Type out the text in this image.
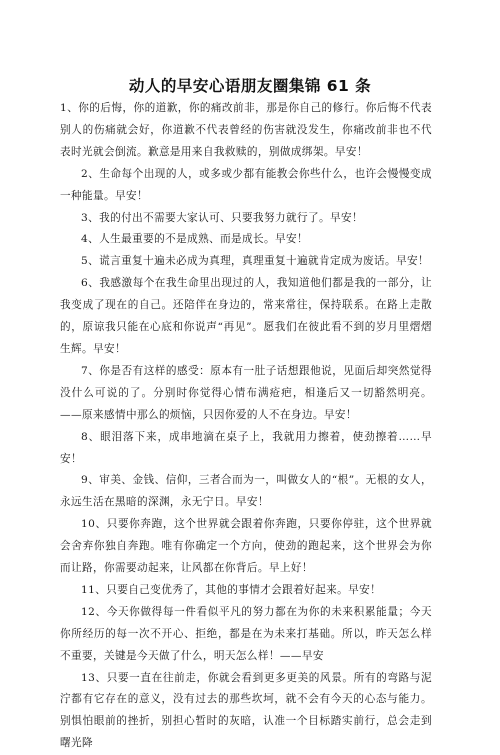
动人的早安心语朋友圈集锦 61 条

1、你的后悔，你的道歉，你的痛改前非，那是你自己的修行。你后悔不代表别人的伤痛就会好，你道歉不代表曾经的伤害就没发生，你痛改前非也不代表时光就会倒流。歉意是用来自我救赎的，别做成绑架。早安！

2、生命每个出现的人，或多或少都有能教会你些什么，也许会慢慢变成一种能量。早安！

3、我的付出不需要大家认可、只要我努力就行了。早安！

4、人生最重要的不是成熟、而是成长。早安！

5、谎言重复十遍未必成为真理，真理重复十遍就肯定成为废话。早安！

6、我感激每个在我生命里出现过的人，我知道他们都是我的一部分，让我变成了现在的自己。还陪伴在身边的，常来常往，保持联系。在路上走散的，原谅我只能在心底和你说声“再见”。愿我们在彼此看不到的岁月里熠熠生辉。早安！

7、你是否有这样的感受：原本有一肚子话想跟他说，见面后却突然觉得没什么可说的了。分别时你觉得心情布满疮疤，相逢后又一切豁然明亮。——原来感情中那么的烦恼，只因你爱的人不在身边。早安！

8、眼泪落下来，成串地滴在桌子上，我就用力擦着，使劲擦着……早安！

9、审美、金钱、信仰，三者合而为一，叫做女人的“根”。无根的女人，永远生活在黑暗的深渊，永无宁日。早安！

10、只要你奔跑，这个世界就会跟着你奔跑，只要你停驻，这个世界就会舍弃你独自奔跑。唯有你确定一个方向，使劲的跑起来，这个世界会为你而让路，你需要动起来，让风都在你背后。早上好！

11、只要自己变优秀了，其他的事情才会跟着好起来。早安！

12、今天你做得每一件看似平凡的努力都在为你的未来积累能量；今天你所经历的每一次不开心、拒绝，都是在为未来打基础。所以，昨天怎么样不重要，关键是今天做了什么，明天怎么样！——早安

13、只要一直在往前走，你就会看到更多更美的风景。所有的弯路与泥泞都有它存在的意义，没有过去的那些坎坷，就不会有今天的心态与能力。别惧怕眼前的挫折，别担心暂时的灰暗，认准一个目标踏实前行，总会走到曙光降
